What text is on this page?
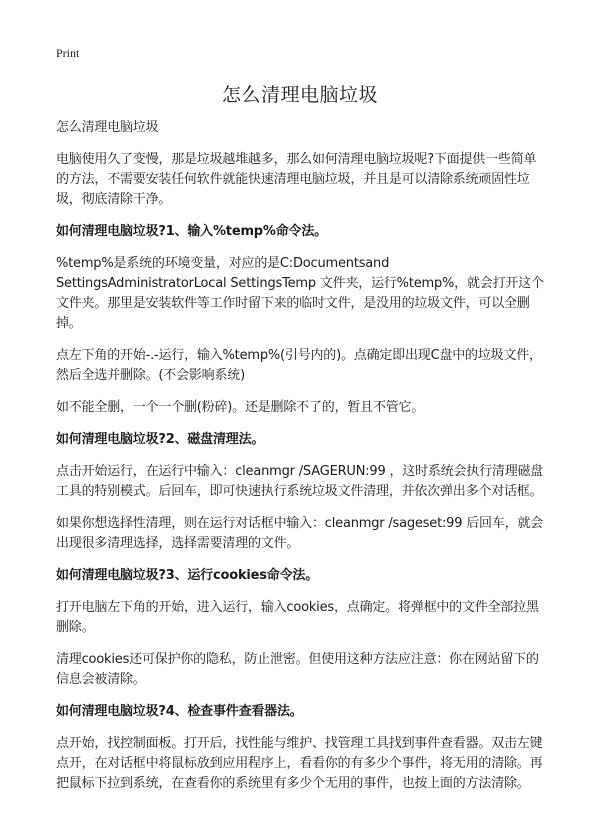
Print
怎么清理电脑垃圾

怎么清理电脑垃圾

电脑使用久了变慢，那是垃圾越堆越多，那么如何清理电脑垃圾呢?下面提供一些简单的方法，不需要安装任何软件就能快速清理电脑垃圾，并且是可以清除系统顽固性垃圾，彻底清除干净。

如何清理电脑垃圾?1、输入%temp%命令法。

%temp%是系统的环境变量，对应的是C:Documentsand SettingsAdministratorLocal SettingsTemp 文件夹，运行%temp%，就会打开这个文件夹。那里是安装软件等工作时留下来的临时文件，是没用的垃圾文件，可以全删掉。

点左下角的开始-.-运行，输入%temp%(引号内的)。点确定即出现C盘中的垃圾文件，然后全选并删除。(不会影响系统)

如不能全删，一个一个删(粉碎)。还是删除不了的，暂且不管它。

如何清理电脑垃圾?2、磁盘清理法。

点击开始运行，在运行中输入：cleanmgr /SAGERUN:99 ，这时系统会执行清理磁盘工具的特别模式。后回车，即可快速执行系统垃圾文件清理，并依次弹出多个对话框。

如果你想选择性清理，则在运行对话框中输入：cleanmgr /sageset:99 后回车，就会出现很多清理选择，选择需要清理的文件。

如何清理电脑垃圾?3、运行cookies命令法。

打开电脑左下角的开始，进入运行，输入cookies，点确定。将弹框中的文件全部拉黑删除。

清理cookies还可保护你的隐私，防止泄密。但使用这种方法应注意：你在网站留下的信息会被清除。

如何清理电脑垃圾?4、检查事件查看器法。

点开始，找控制面板。打开后，找性能与维护、找管理工具找到事件查看器。双击左键点开，在对话框中将鼠标放到应用程序上，看看你的有多少个事件，将无用的清除。再把鼠标下拉到系统，在查看你的系统里有多少个无用的事件，也按上面的方法清除。
